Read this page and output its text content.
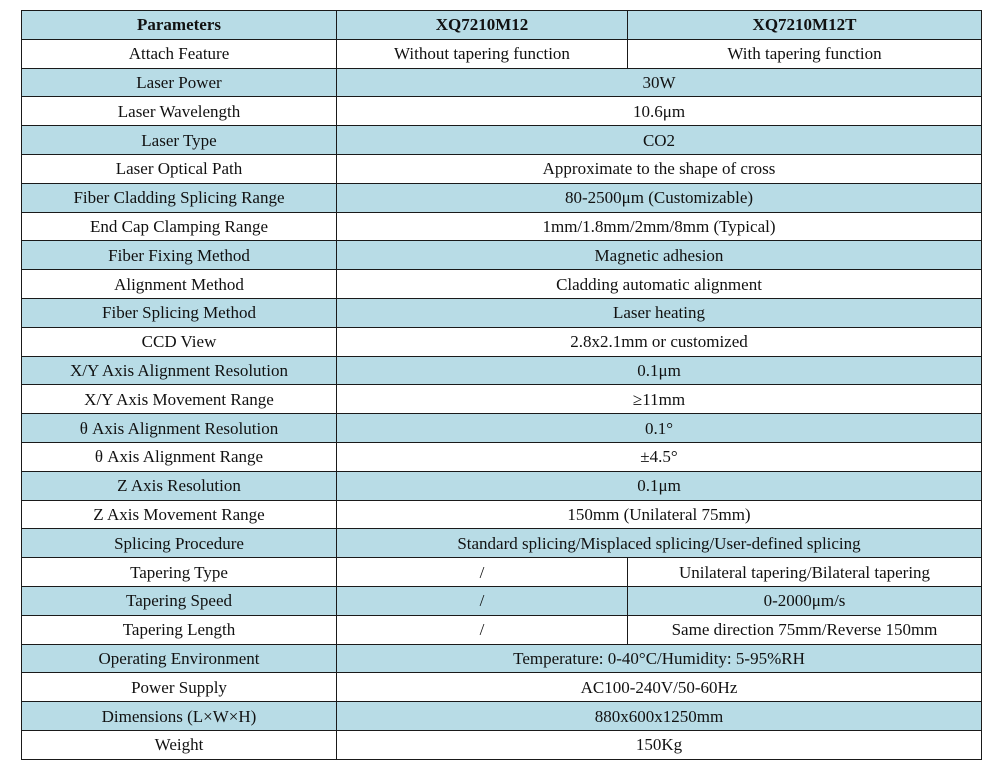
Parameters	XQ7210M12	XQ7210M12T
Attach Feature	Without tapering function	With tapering function
Laser Power	30W	
Laser Wavelength	10.6μm	
Laser Type	CO2	
Laser Optical Path	Approximate to the shape of cross	
Fiber Cladding Splicing Range	80-2500μm (Customizable)	
End Cap Clamping Range	1mm/1.8mm/2mm/8mm (Typical)	
Fiber Fixing Method	Magnetic adhesion	
Alignment Method	Cladding automatic alignment	
Fiber Splicing Method	Laser heating	
CCD View	2.8x2.1mm or customized	
X/Y Axis Alignment Resolution	0.1μm	
X/Y Axis Movement Range	≥11mm	
θ Axis Alignment Resolution	0.1°	
θ Axis Alignment Range	±4.5°	
Z Axis Resolution	0.1μm	
Z Axis Movement Range	150mm (Unilateral 75mm)	
Splicing Procedure	Standard splicing/Misplaced splicing/User-defined splicing	
Tapering Type	/	Unilateral tapering/Bilateral tapering
Tapering Speed	/	0-2000μm/s
Tapering Length	/	Same direction 75mm/Reverse 150mm
Operating Environment	Temperature: 0-40°C/Humidity: 5-95%RH	
Power Supply	AC100-240V/50-60Hz	
Dimensions (L×W×H)	880x600x1250mm	
Weight	150Kg	
